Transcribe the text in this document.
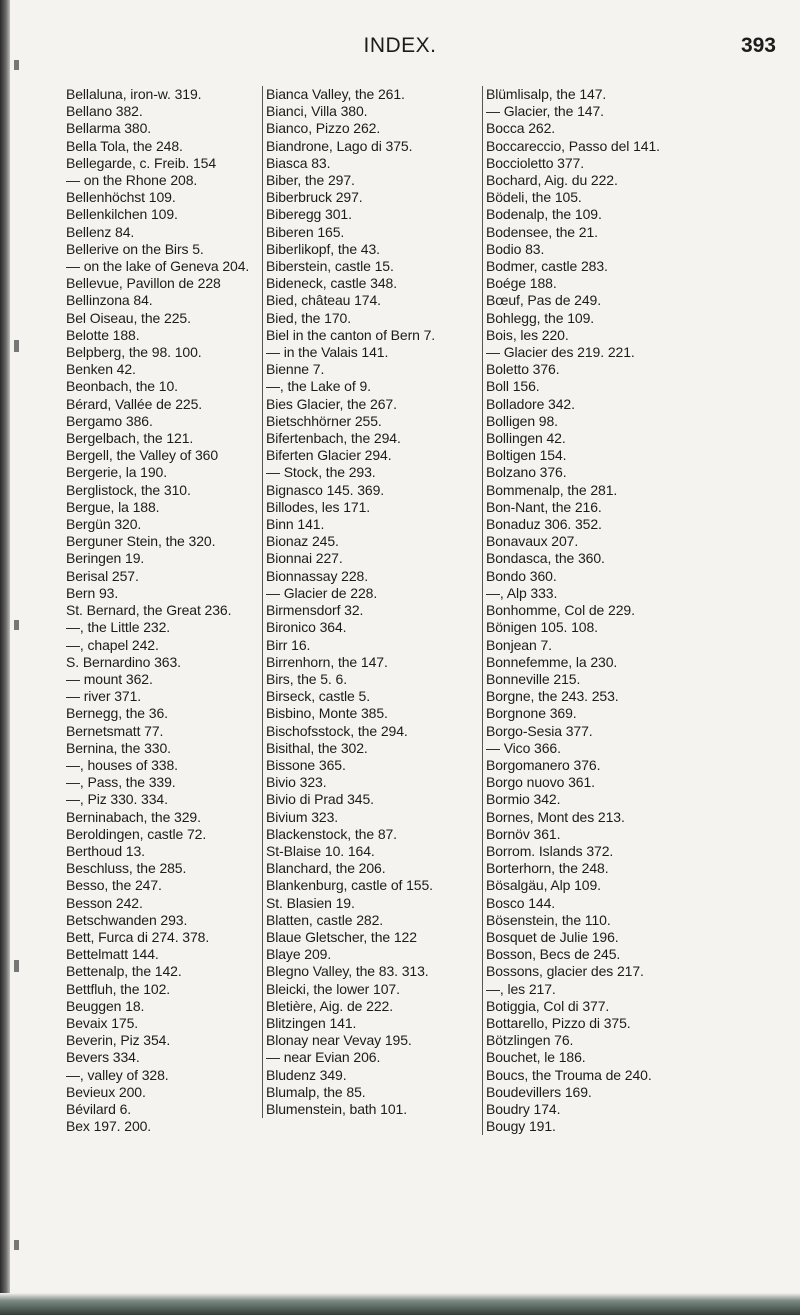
INDEX.	393
Bellaluna, iron-w. 319.
Bellano 382.
Bellarma 380.
Bella Tola, the 248.
Bellegarde, c. Freib. 154
— on the Rhone 208.
Bellenhöchst 109.
Bellenkilchen 109.
Bellenz 84.
Bellerive on the Birs 5.
— on the lake of Geneva 204.
Bellevue, Pavillon de 228
Bellinzona 84.
Bel Oiseau, the 225.
Belotte 188.
Belpberg, the 98. 100.
Benken 42.
Beonbach, the 10.
Bérard, Vallée de 225.
Bergamo 386.
Bergelbach, the 121.
Bergell, the Valley of 360
Bergerie, la 190.
Berglistock, the 310.
Bergue, la 188.
Bergün 320.
Berguner Stein, the 320.
Beringen 19.
Berisal 257.
Bern 93.
St. Bernard, the Great 236.
—, the Little 232.
—, chapel 242.
S. Bernardino 363.
— mount 362.
— river 371.
Bernegg, the 36.
Bernetsmatt 77.
Bernina, the 330.
—, houses of 338.
—, Pass, the 339.
—, Piz 330. 334.
Berninabach, the 329.
Beroldingen, castle 72.
Berthoud 13.
Beschluss, the 285.
Besso, the 247.
Besson 242.
Betschwanden 293.
Bett, Furca di 274. 378.
Bettelmatt 144.
Bettenalp, the 142.
Bettfluh, the 102.
Beuggen 18.
Bevaix 175.
Beverin, Piz 354.
Bevers 334.
—, valley of 328.
Bevieux 200.
Bévilard 6.
Bex 197. 200.
Bianca Valley, the 261.
Bianci, Villa 380.
Bianco, Pizzo 262.
Biandrone, Lago di 375.
Biasca 83.
Biber, the 297.
Biberbruck 297.
Biberegg 301.
Biberen 165.
Biberlikopf, the 43.
Biberstein, castle 15.
Bideneck, castle 348.
Bied, château 174.
Bied, the 170.
Biel in the canton of Bern 7.
— in the Valais 141.
Bienne 7.
—, the Lake of 9.
Bies Glacier, the 267.
Bietschhörner 255.
Bifertenbach, the 294.
Biferten Glacier 294.
— Stock, the 293.
Bignasco 145. 369.
Billodes, les 171.
Binn 141.
Bionaz 245.
Bionnai 227.
Bionnassay 228.
— Glacier de 228.
Birmensdorf 32.
Bironico 364.
Birr 16.
Birrenhorn, the 147.
Birs, the 5. 6.
Birseck, castle 5.
Bisbino, Monte 385.
Bischofsstock, the 294.
Bisithal, the 302.
Bissone 365.
Bivio 323.
Bivio di Prad 345.
Bivium 323.
Blackenstock, the 87.
St-Blaise 10. 164.
Blanchard, the 206.
Blankenburg, castle of 155.
St. Blasien 19.
Blatten, castle 282.
Blaue Gletscher, the 122
Blaye 209.
Blegno Valley, the 83. 313.
Bleicki, the lower 107.
Bletière, Aig. de 222.
Blitzingen 141.
Blonay near Vevay 195.
— near Evian 206.
Bludenz 349.
Blumalp, the 85.
Blumenstein, bath 101.
Blümlisalp, the 147.
— Glacier, the 147.
Bocca 262.
Boccareccio, Passo del 141.
Boccioletto 377.
Bochard, Aig. du 222.
Bödeli, the 105.
Bodenalp, the 109.
Bodensee, the 21.
Bodio 83.
Bodmer, castle 283.
Boége 188.
Bœuf, Pas de 249.
Bohlegg, the 109.
Bois, les 220.
— Glacier des 219. 221.
Boletto 376.
Boll 156.
Bolladore 342.
Bolligen 98.
Bollingen 42.
Boltigen 154.
Bolzano 376.
Bommenalp, the 281.
Bon-Nant, the 216.
Bonaduz 306. 352.
Bonavaux 207.
Bondasca, the 360.
Bondo 360.
—, Alp 333.
Bonhomme, Col de 229.
Bönigen 105. 108.
Bonjean 7.
Bonnefemme, la 230.
Bonneville 215.
Borgne, the 243. 253.
Borgnone 369.
Borgo-Sesia 377.
— Vico 366.
Borgomanero 376.
Borgo nuovo 361.
Bormio 342.
Bornes, Mont des 213.
Bornöv 361.
Borrom. Islands 372.
Borterhorn, the 248.
Bösalgäu, Alp 109.
Bosco 144.
Bösenstein, the 110.
Bosquet de Julie 196.
Bosson, Becs de 245.
Bossons, glacier des 217.
—, les 217.
Botiggia, Col di 377.
Bottarello, Pizzo di 375.
Bötzlingen 76.
Bouchet, le 186.
Boucs, the Trouma de 240.
Boudevillers 169.
Boudry 174.
Bougy 191.
